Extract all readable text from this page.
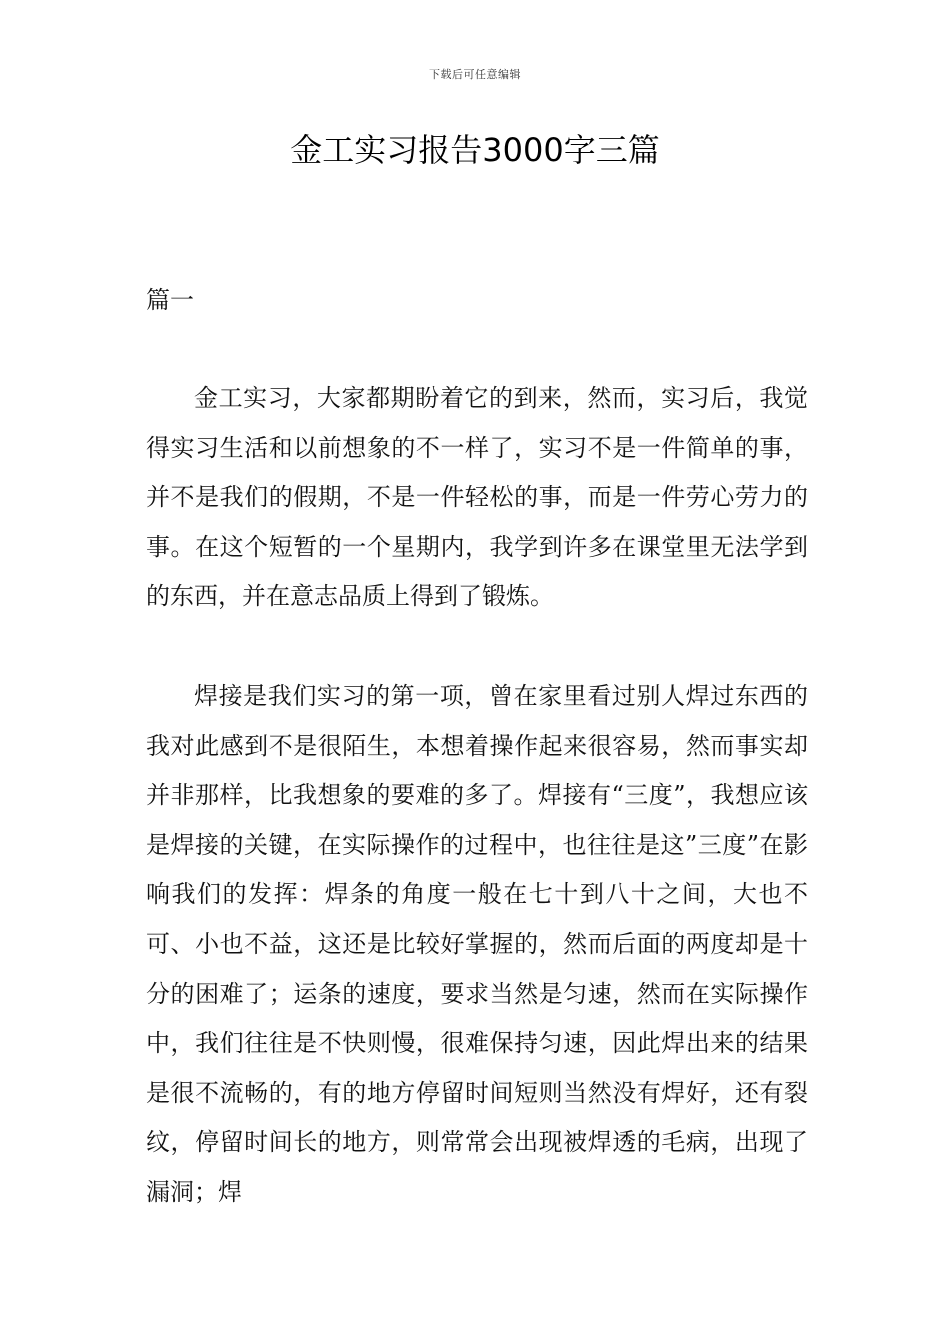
下载后可任意编辑
金工实习报告3000字三篇
篇一

金工实习，大家都期盼着它的到来，然而，实习后，我觉得实习生活和以前想象的不一样了，实习不是一件简单的事，并不是我们的假期，不是一件轻松的事，而是一件劳心劳力的事。在这个短暂的一个星期内，我学到许多在课堂里无法学到的东西，并在意志品质上得到了锻炼。

焊接是我们实习的第一项，曾在家里看过别人焊过东西的我对此感到不是很陌生，本想着操作起来很容易，然而事实却并非那样，比我想象的要难的多了。焊接有“三度”，我想应该是焊接的关键，在实际操作的过程中，也往往是这”三度”在影响我们的发挥：焊条的角度一般在七十到八十之间，大也不可、小也不益，这还是比较好掌握的，然而后面的两度却是十分的困难了；运条的速度，要求当然是匀速，然而在实际操作中，我们往往是不快则慢，很难保持匀速，因此焊出来的结果是很不流畅的，有的地方停留时间短则当然没有焊好，还有裂纹，停留时间长的地方，则常常会出现被焊透的毛病，出现了漏洞；焊
